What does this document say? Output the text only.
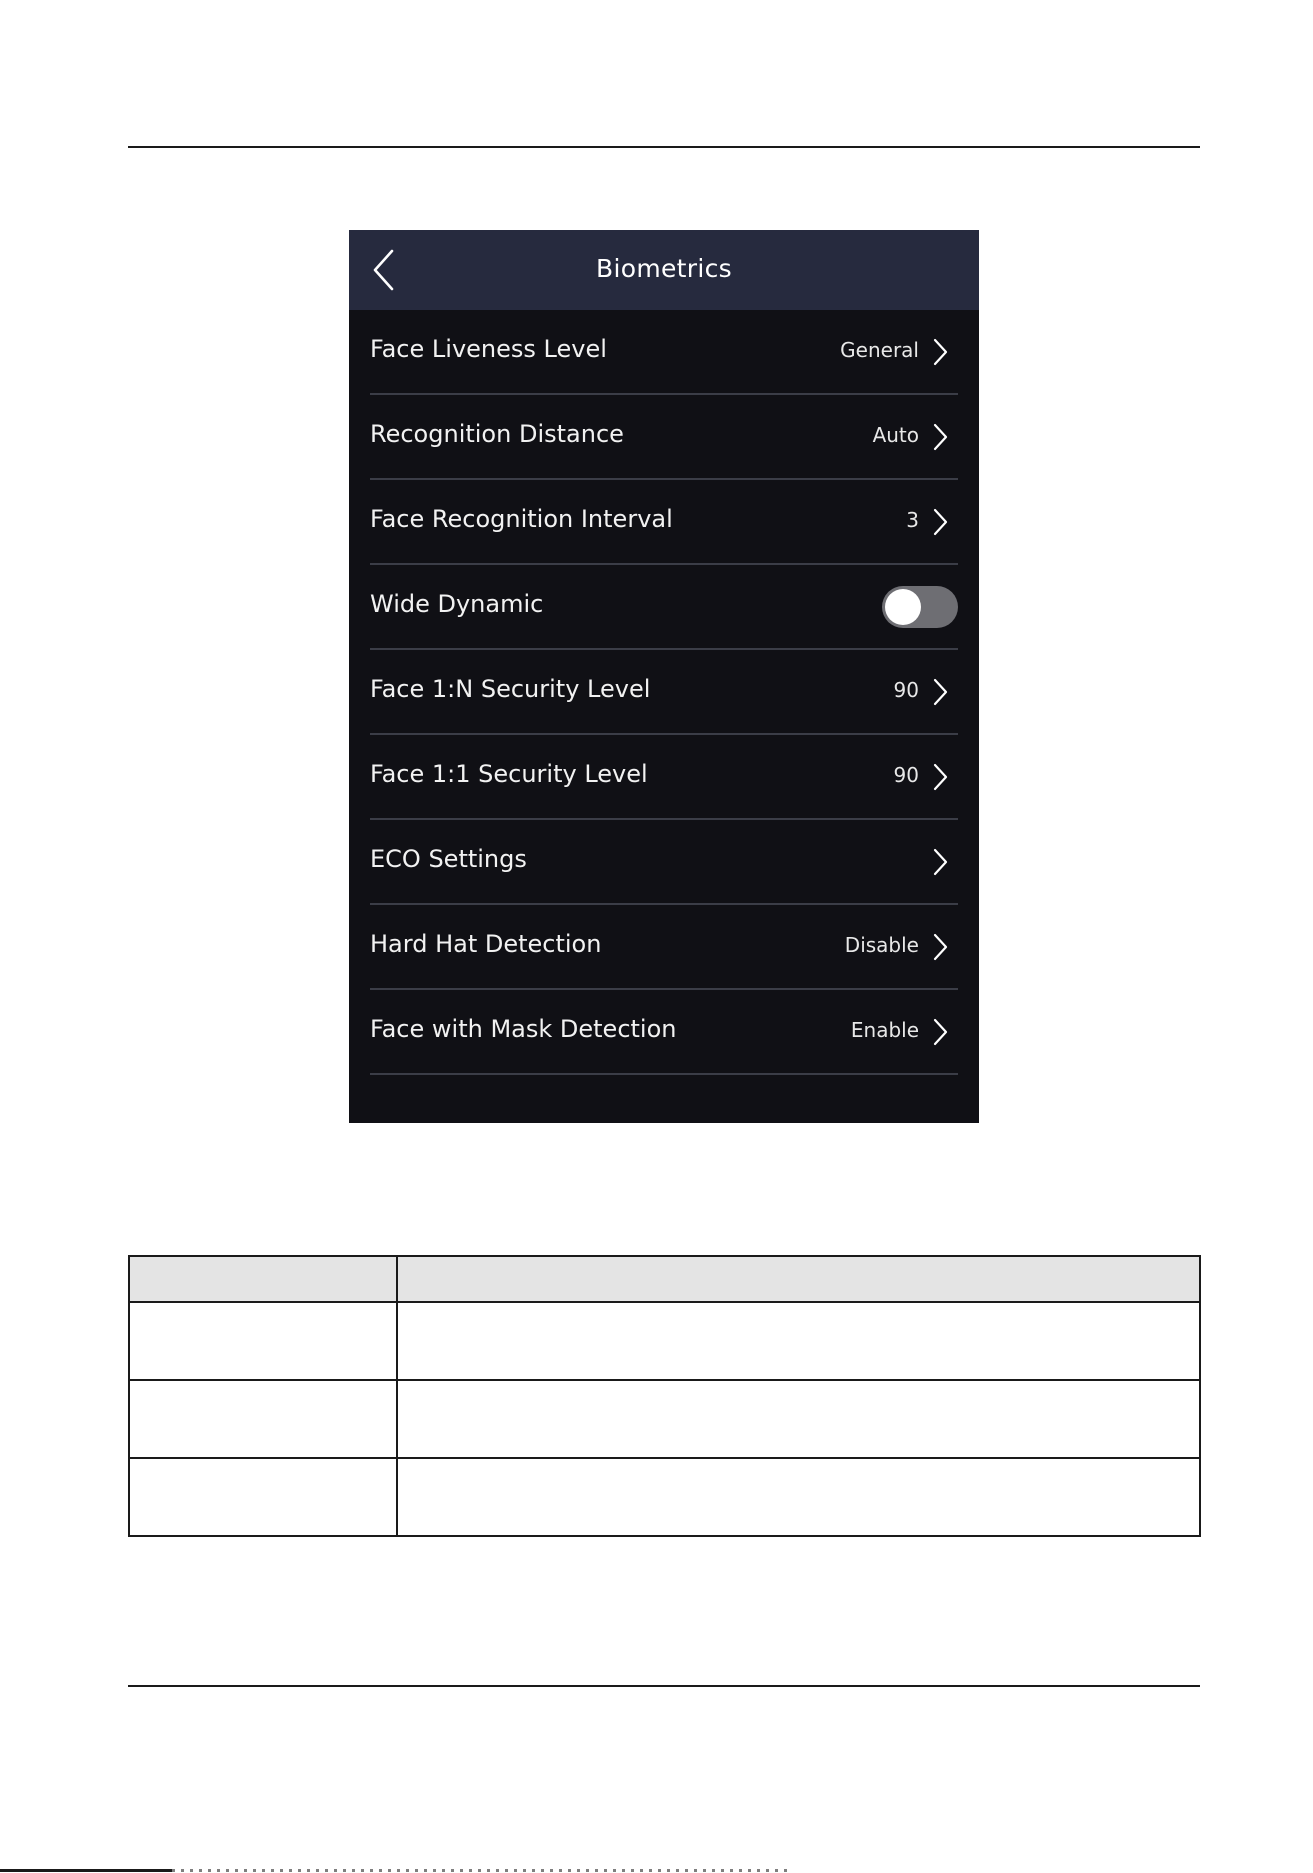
Biometrics
Face Liveness Level	General
Recognition Distance	Auto
Face Recognition Interval	3
Wide Dynamic
Face 1:N Security Level	90
Face 1:1 Security Level	90
ECO Settings
Hard Hat Detection	Disable
Face with Mask Detection	Enable
